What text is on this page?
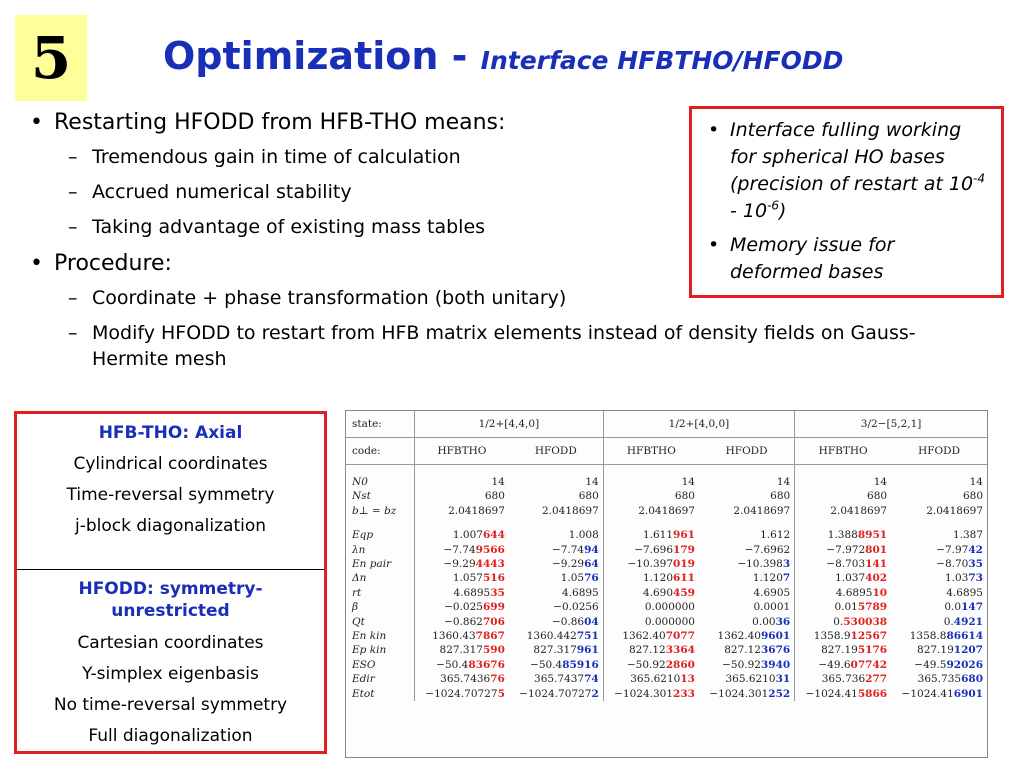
5	Optimization - Interface HFBTHO/HFODD
• Restarting HFODD from HFB-THO means:
– Tremendous gain in time of calculation
– Accrued numerical stability
– Taking advantage of existing mass tables
• Procedure:
– Coordinate + phase transformation (both unitary)
– Modify HFODD to restart from HFB matrix elements instead of density fields on Gauss-Hermite mesh
• Interface fulling working for spherical HO bases (precision of restart at $10^{-4} - 10^{-6}$)
• Memory issue for deformed bases
HFB-THO: Axial
Cylindrical coordinates
Time-reversal symmetry
j-block diagonalization
HFODD: symmetry-unrestricted
Cartesian coordinates
Y-simplex eigenbasis
No time-reversal symmetry
Full diagonalization
state:	1/2+[4,4,0]		1/2+[4,0,0]		3/2−[5,2,1]	
code:	HFBTHO	HFODD	HFBTHO	HFODD	HFBTHO	HFODD

N0	14	14	14	14	14	14
Nst	680	680	680	680	680	680
b⊥ = bz	2.0418697	2.0418697	2.0418697	2.0418697	2.0418697	2.0418697

Eqp	1.007644	1.008	1.611961	1.612	1.3888951	1.387
λn	−7.749566	−7.7494	−7.696179	−7.6962	−7.972801	−7.9742
En pair	−9.294443	−9.2964	−10.397019	−10.3983	−8.703141	−8.7035
Δn	1.057516	1.0576	1.120611	1.1207	1.037402	1.0373
rt	4.689535	4.6895	4.690459	4.6905	4.689510	4.6895
β	−0.025699	−0.0256	0.000000	0.0001	0.015789	0.0147
Qt	−0.862706	−0.8604	0.000000	0.0036	0.530038	0.4921
En kin	1360.437867	1360.442751	1362.407077	1362.409601	1358.912567	1358.886614
Ep kin	827.317590	827.317961	827.123364	827.123676	827.195176	827.191207
ESO	−50.483676	−50.485916	−50.922860	−50.923940	−49.607742	−49.592026
Edir	365.743676	365.743774	365.621013	365.621031	365.736277	365.735680
Etot	−1024.707275	−1024.707272	−1024.301233	−1024.301252	−1024.415866	−1024.416901
